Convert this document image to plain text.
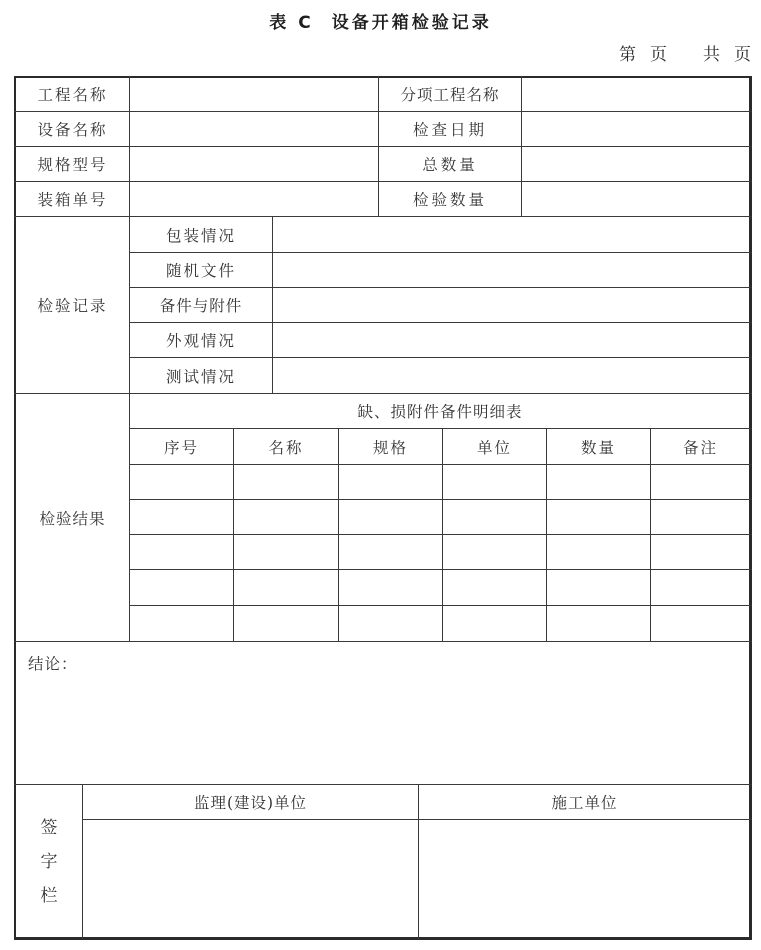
表 C 设备开箱检验记录
第 页 共 页
工程名称	分项工程名称
设备名称	检查日期
规格型号	总数量
装箱单号	检验数量
检验记录
包装情况
随机文件
备件与附件
外观情况
测试情况
检验结果
缺、损附件备件明细表
序号	名称	规格	单位	数量	备注
结论：
签
字
栏
监理(建设)单位	施工单位
